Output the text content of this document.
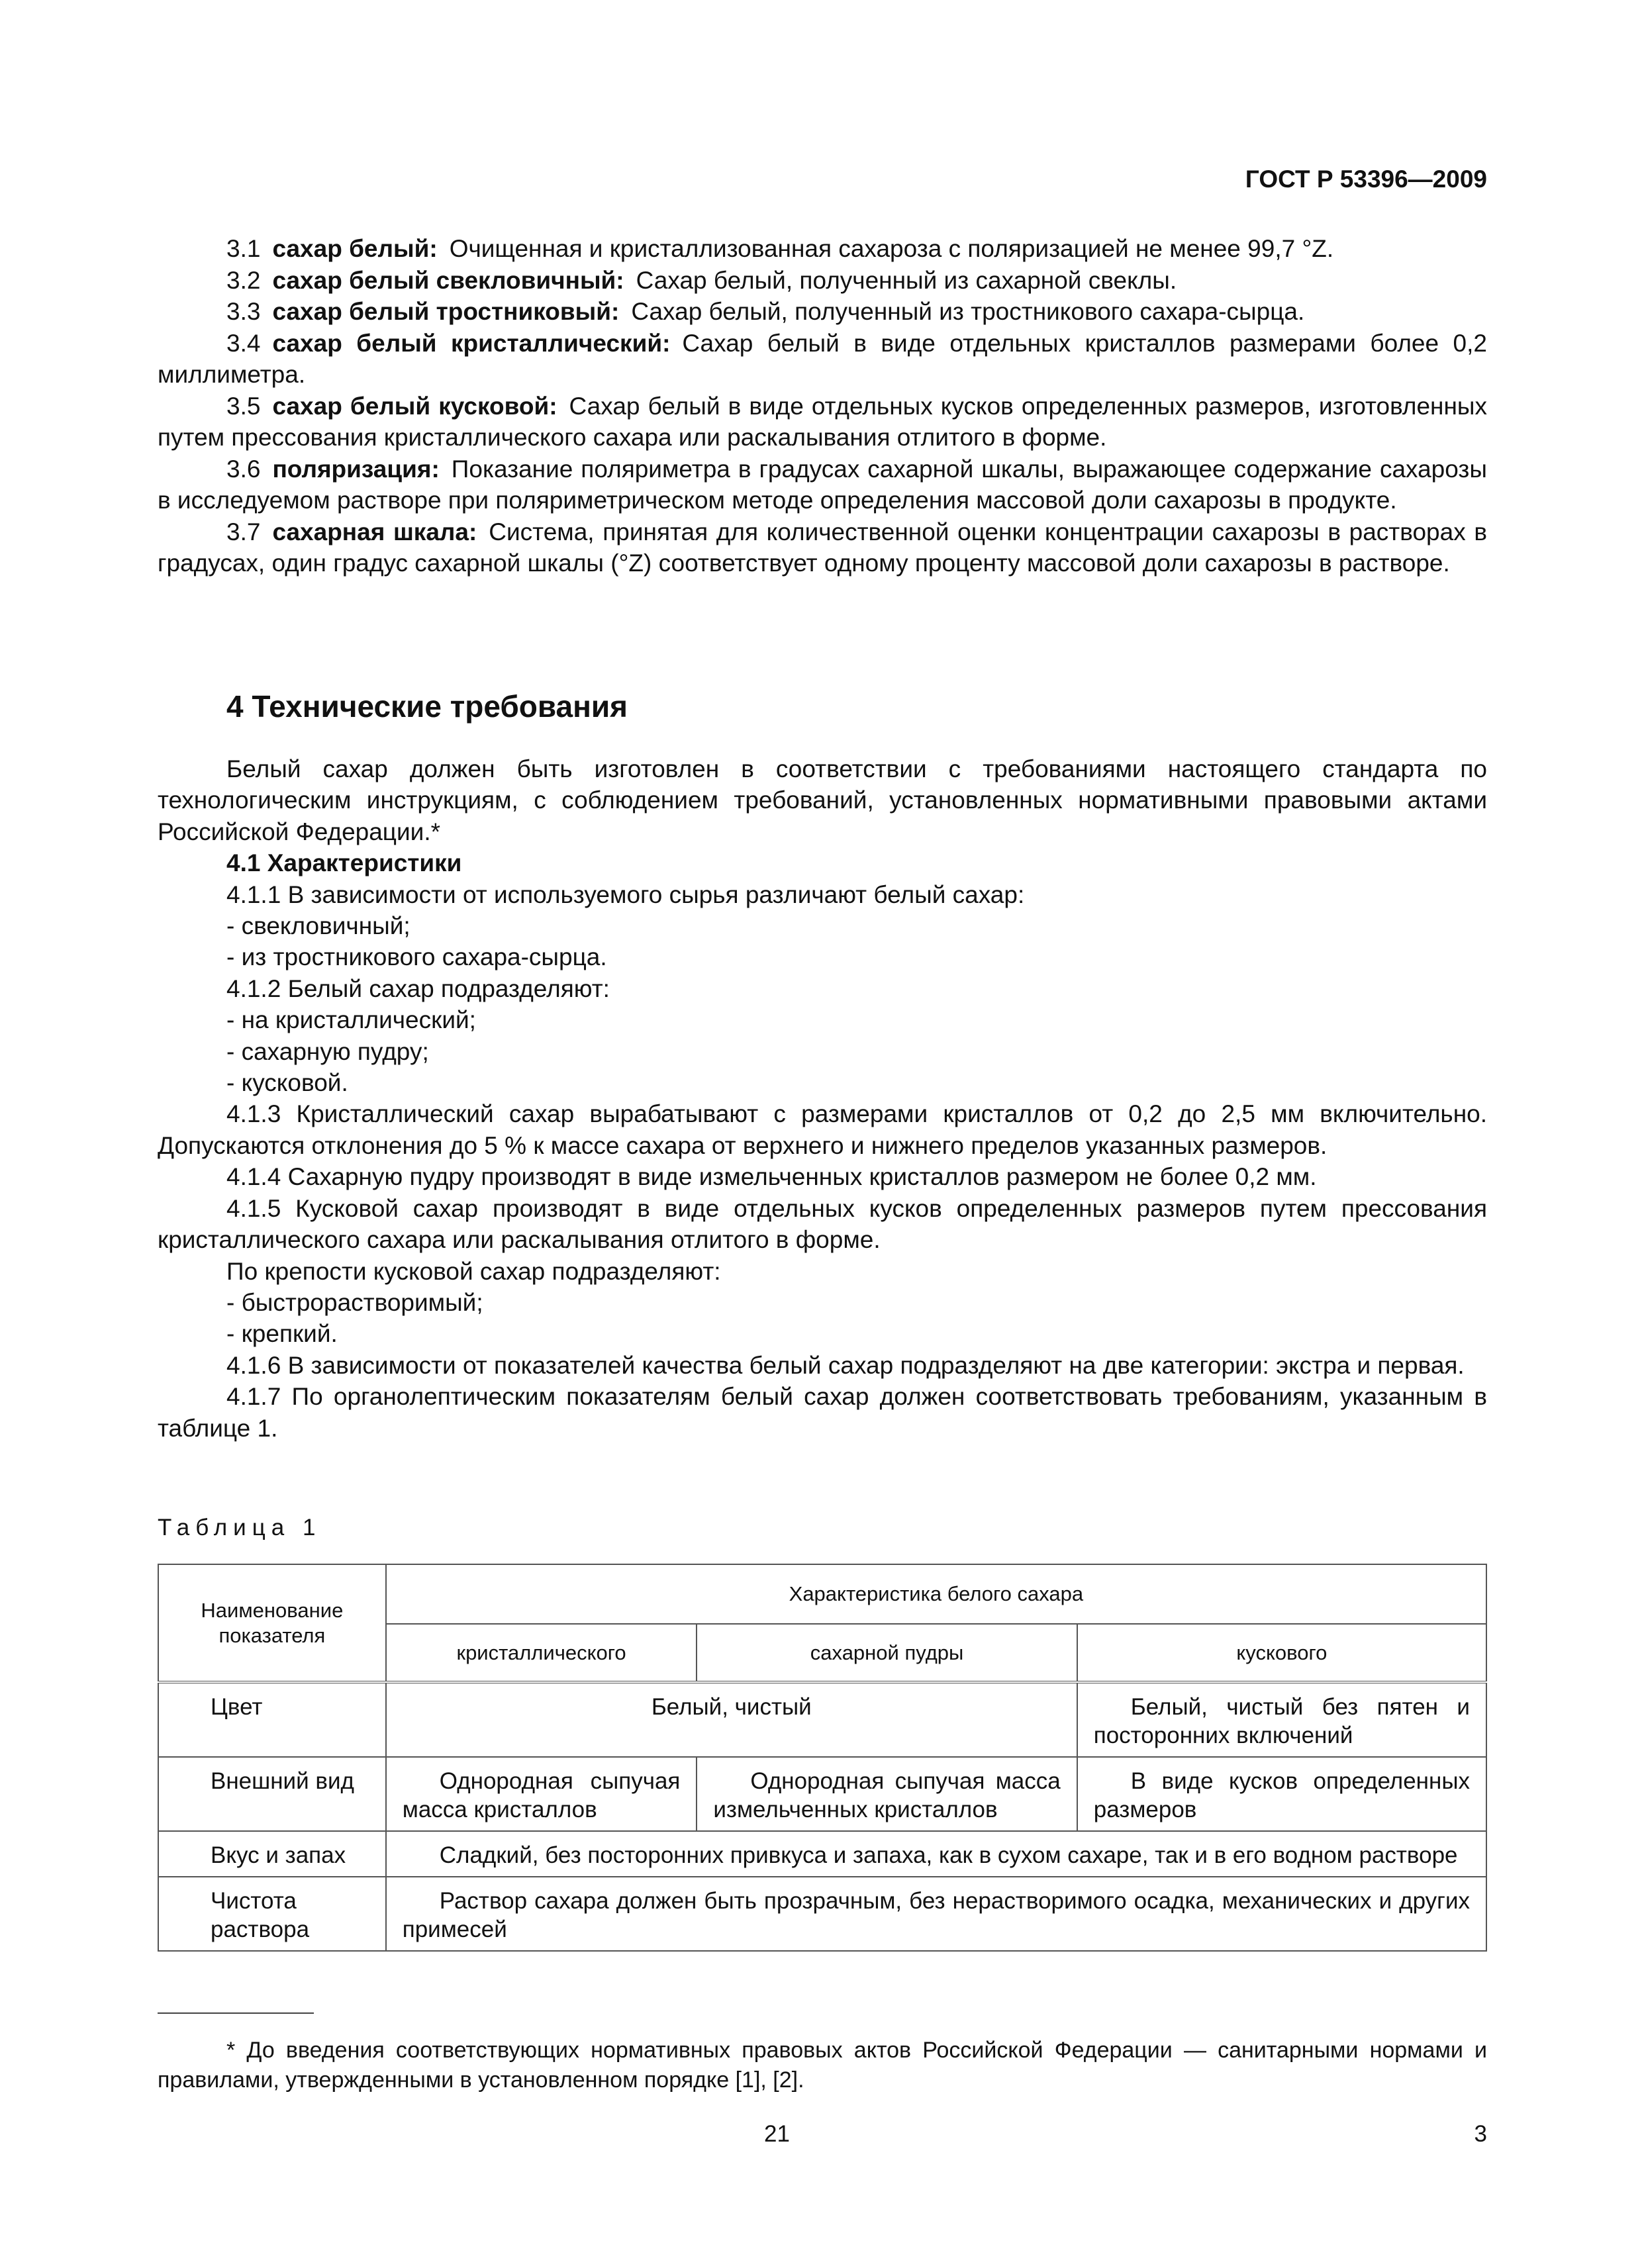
ГОСТ Р 53396—2009

3.1 сахар белый: Очищенная и кристаллизованная сахароза с поляризацией не менее 99,7 °Z.

3.2 сахар белый свекловичный: Сахар белый, полученный из сахарной свеклы.

3.3 сахар белый тростниковый: Сахар белый, полученный из тростникового сахара-сырца.

3.4 сахар белый кристаллический: Сахар белый в виде отдельных кристаллов размерами более 0,2 миллиметра.

3.5 сахар белый кусковой: Сахар белый в виде отдельных кусков определенных размеров, изготовленных путем прессования кристаллического сахара или раскалывания отлитого в форме.

3.6 поляризация: Показание поляриметра в градусах сахарной шкалы, выражающее содержание сахарозы в исследуемом растворе при поляриметрическом методе определения массовой доли сахарозы в продукте.

3.7 сахарная шкала: Система, принятая для количественной оценки концентрации сахарозы в растворах в градусах, один градус сахарной шкалы (°Z) соответствует одному проценту массовой доли сахарозы в растворе.

4 Технические требования

Белый сахар должен быть изготовлен в соответствии с требованиями настоящего стандарта по технологическим инструкциям, с соблюдением требований, установленных нормативными правовыми актами Российской Федерации.*

4.1 Характеристики

4.1.1 В зависимости от используемого сырья различают белый сахар:

- свекловичный;

- из тростникового сахара-сырца.

4.1.2 Белый сахар подразделяют:

- на кристаллический;

- сахарную пудру;

- кусковой.

4.1.3 Кристаллический сахар вырабатывают с размерами кристаллов от 0,2 до 2,5 мм включительно. Допускаются отклонения до 5 % к массе сахара от верхнего и нижнего пределов указанных размеров.

4.1.4 Сахарную пудру производят в виде измельченных кристаллов размером не более 0,2 мм.

4.1.5 Кусковой сахар производят в виде отдельных кусков определенных размеров путем прессования кристаллического сахара или раскалывания отлитого в форме.

По крепости кусковой сахар подразделяют:

- быстрорастворимый;

- крепкий.

4.1.6 В зависимости от показателей качества белый сахар подразделяют на две категории: экстра и первая.

4.1.7 По органолептическим показателям белый сахар должен соответствовать требованиям, указанным в таблице 1.

Таблица 1
Наименование показателя	Характеристика белого сахара		
	кристаллического	сахарной пудры	кускового
Цвет	Белый, чистый		Белый, чистый без пятен и посторонних включений
Внешний вид	Однородная сыпучая масса кристаллов	Однородная сыпучая масса измельченных кристаллов	В виде кусков определенных размеров
Вкус и запах	Сладкий, без посторонних привкуса и запаха, как в сухом сахаре, так и в его водном растворе		
Чистота раствора	Раствор сахара должен быть прозрачным, без нерастворимого осадка, механических и других примесей		

* До введения соответствующих нормативных правовых актов Российской Федерации — санитарными нормами и правилами, утвержденными в установленном порядке [1], [2].

21	3
